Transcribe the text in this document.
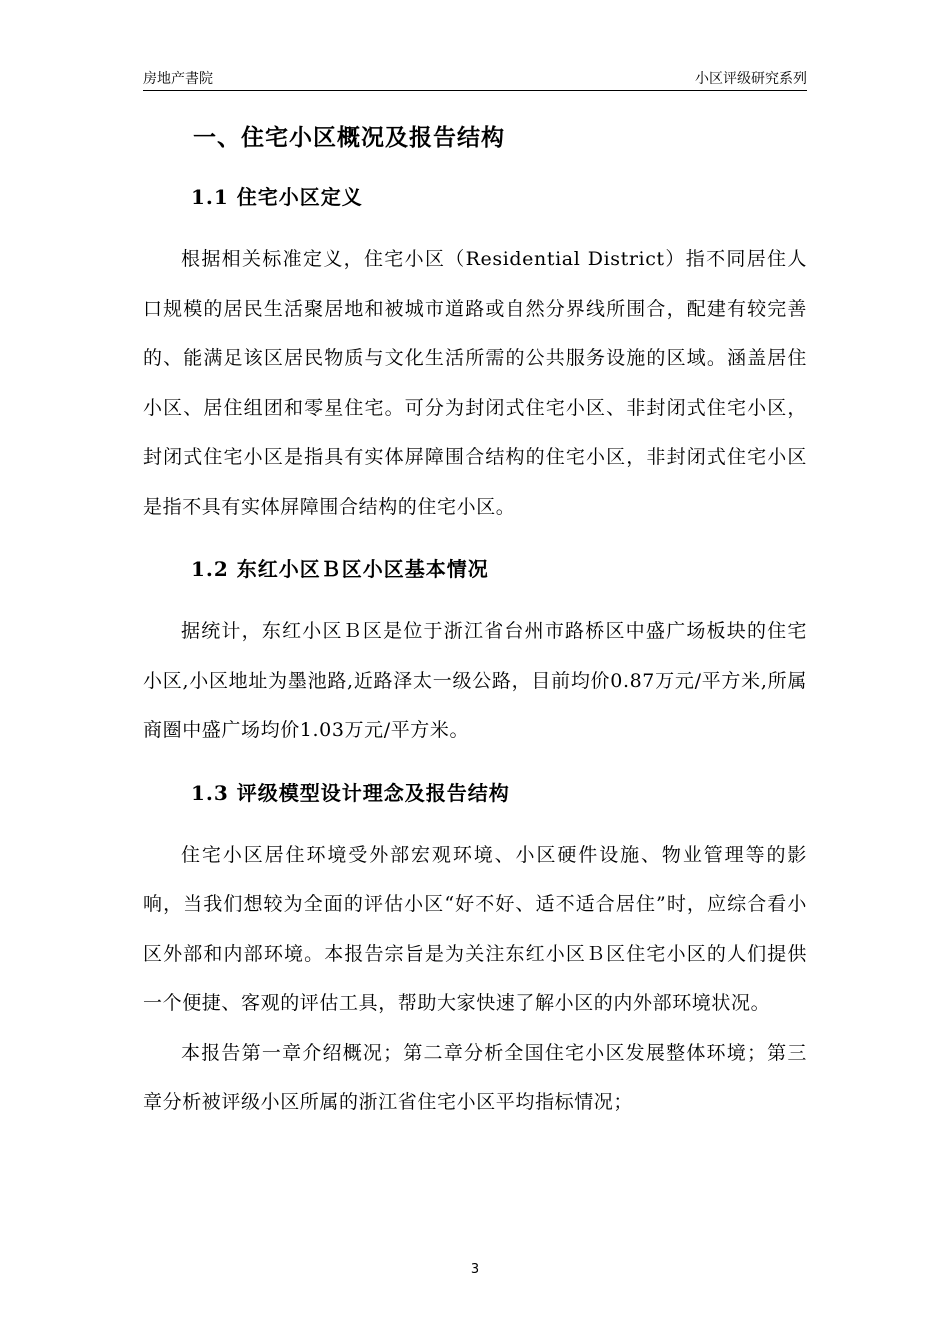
房地产書院	小区评级研究系列
一、住宅小区概况及报告结构
1.1 住宅小区定义

根据相关标准定义，住宅小区（Residential District）指不同居住人口规模的居民生活聚居地和被城市道路或自然分界线所围合，配建有较完善的、能满足该区居民物质与文化生活所需的公共服务设施的区域。涵盖居住小区、居住组团和零星住宅。可分为封闭式住宅小区、非封闭式住宅小区，封闭式住宅小区是指具有实体屏障围合结构的住宅小区，非封闭式住宅小区是指不具有实体屏障围合结构的住宅小区。

1.2 东红小区Ｂ区小区基本情况

据统计，东红小区Ｂ区是位于浙江省台州市路桥区中盛广场板块的住宅小区,小区地址为墨池路,近路泽太一级公路，目前均价0.87万元/平方米,所属商圈中盛广场均价1.03万元/平方米。

1.3 评级模型设计理念及报告结构

住宅小区居住环境受外部宏观环境、小区硬件设施、物业管理等的影响，当我们想较为全面的评估小区“好不好、适不适合居住”时，应综合看小区外部和内部环境。本报告宗旨是为关注东红小区Ｂ区住宅小区的人们提供一个便捷、客观的评估工具，帮助大家快速了解小区的内外部环境状况。

本报告第一章介绍概况；第二章分析全国住宅小区发展整体环境；第三章分析被评级小区所属的浙江省住宅小区平均指标情况；

3
